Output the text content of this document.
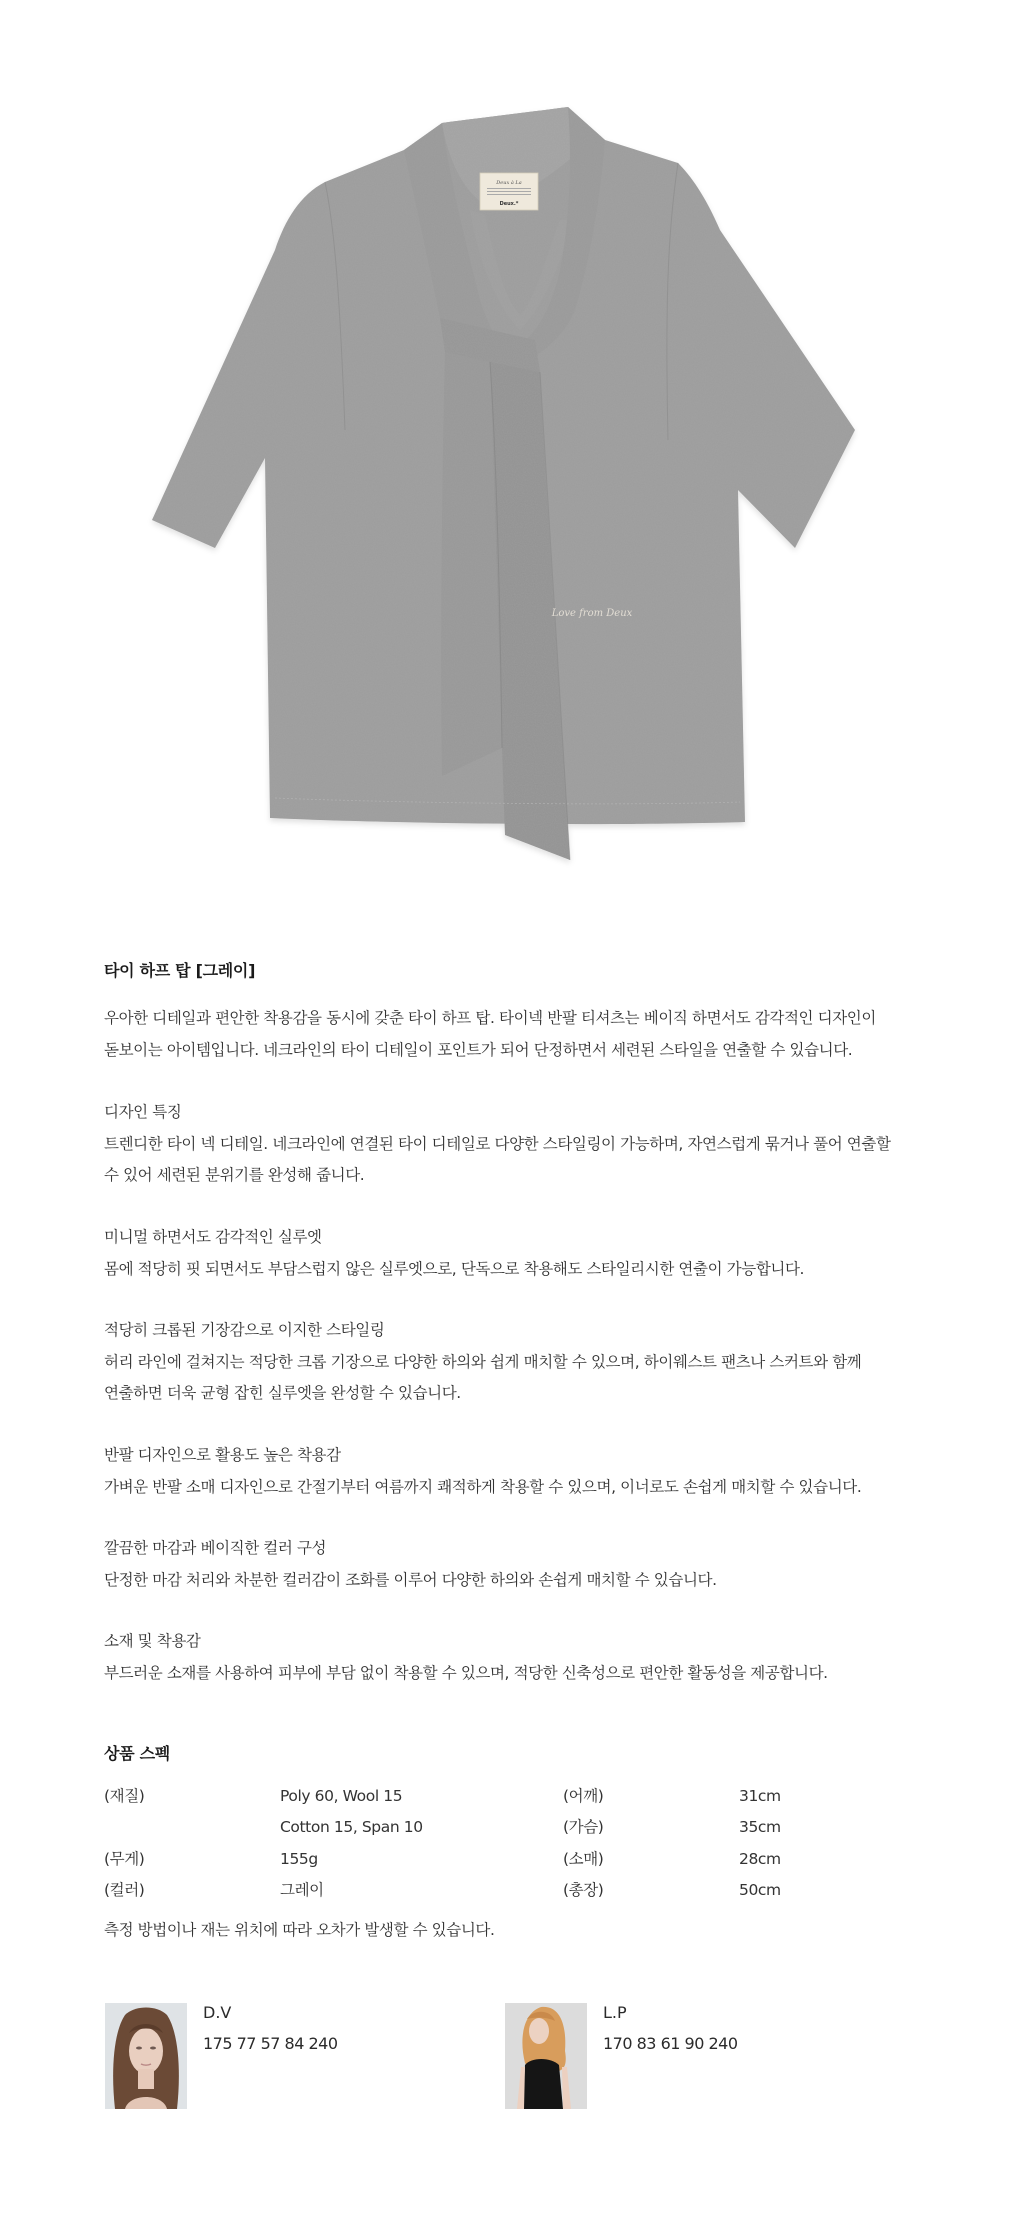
Deux à La
Deux.*
Love from Deux
타이 하프 탑 [그레이]
우아한 디테일과 편안한 착용감을 동시에 갖춘 타이 하프 탑. 타이넥 반팔 티셔츠는 베이직 하면서도 감각적인 디자인이
돋보이는 아이템입니다. 네크라인의 타이 디테일이 포인트가 되어 단정하면서 세련된 스타일을 연출할 수 있습니다.
디자인 특징
트렌디한 타이 넥 디테일. 네크라인에 연결된 타이 디테일로 다양한 스타일링이 가능하며, 자연스럽게 묶거나 풀어 연출할
수 있어 세련된 분위기를 완성해 줍니다.
미니멀 하면서도 감각적인 실루엣
몸에 적당히 핏 되면서도 부담스럽지 않은 실루엣으로, 단독으로 착용해도 스타일리시한 연출이 가능합니다.
적당히 크롭된 기장감으로 이지한 스타일링
허리 라인에 걸쳐지는 적당한 크롭 기장으로 다양한 하의와 쉽게 매치할 수 있으며, 하이웨스트 팬츠나 스커트와 함께
연출하면 더욱 균형 잡힌 실루엣을 완성할 수 있습니다.
반팔 디자인으로 활용도 높은 착용감
가벼운 반팔 소매 디자인으로 간절기부터 여름까지 쾌적하게 착용할 수 있으며, 이너로도 손쉽게 매치할 수 있습니다.
깔끔한 마감과 베이직한 컬러 구성
단정한 마감 처리와 차분한 컬러감이 조화를 이루어 다양한 하의와 손쉽게 매치할 수 있습니다.
소재 및 착용감
부드러운 소재를 사용하여 피부에 부담 없이 착용할 수 있으며, 적당한 신축성으로 편안한 활동성을 제공합니다.
상품 스펙
(재질)	Poly 60, Wool 15	(어깨)	31cm
Cotton 15, Span 10	(가슴)	35cm
(무게)	155g	(소매)	28cm
(컬러)	그레이	(총장)	50cm
측정 방법이나 재는 위치에 따라 오차가 발생할 수 있습니다.
D.V
175 77 57 84 240
L.P
170 83 61 90 240
